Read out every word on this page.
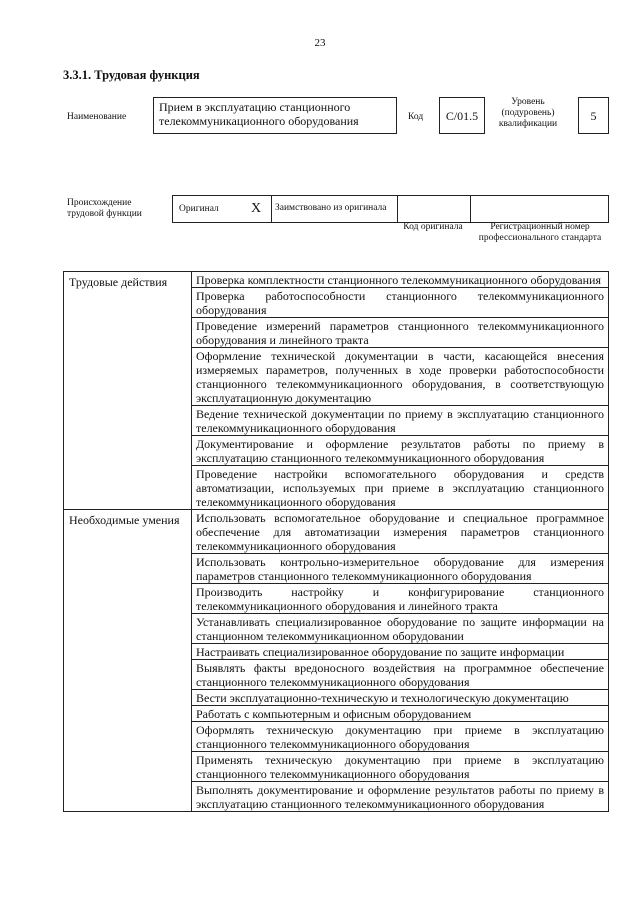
23
3.3.1. Трудовая функция
Наименование
Прием в эксплуатацию станционного телекоммуникационного оборудования	Код	C/01.5
Уровень (подуровень) квалификации
5
Происхождение трудовой функции	Оригинал X	Заимствовано из оригинала
Код оригинала	Регистрационный номер профессионального стандарта
Трудовые действия	Проверка комплектности станционного телекоммуникационного оборудования
	Проверка работоспособности станционного телекоммуникационного оборудования
	Проведение измерений параметров станционного телекоммуникационного оборудования и линейного тракта
	Оформление технической документации в части, касающейся внесения измеряемых параметров, полученных в ходе проверки работоспособности станционного телекоммуникационного оборудования, в соответствующую эксплуатационную документацию
	Ведение технической документации по приему в эксплуатацию станционного телекоммуникационного оборудования
	Документирование и оформление результатов работы по приему в эксплуатацию станционного телекоммуникационного оборудования
	Проведение настройки вспомогательного оборудования и средств автоматизации, используемых при приеме в эксплуатацию станционного телекоммуникационного оборудования
Необходимые умения	Использовать вспомогательное оборудование и специальное программное обеспечение для автоматизации измерения параметров станционного телекоммуникационного оборудования
	Использовать контрольно-измерительное оборудование для измерения параметров станционного телекоммуникационного оборудования
	Производить настройку и конфигурирование станционного телекоммуникационного оборудования и линейного тракта
	Устанавливать специализированное оборудование по защите информации на станционном телекоммуникационном оборудовании
	Настраивать специализированное оборудование по защите информации
	Выявлять факты вредоносного воздействия на программное обеспечение станционного телекоммуникационного оборудования
	Вести эксплуатационно-техническую и технологическую документацию
	Работать с компьютерным и офисным оборудованием
	Оформлять техническую документацию при приеме в эксплуатацию станционного телекоммуникационного оборудования
	Применять техническую документацию при приеме в эксплуатацию станционного телекоммуникационного оборудования
	Выполнять документирование и оформление результатов работы по приему в эксплуатацию станционного телекоммуникационного оборудования
